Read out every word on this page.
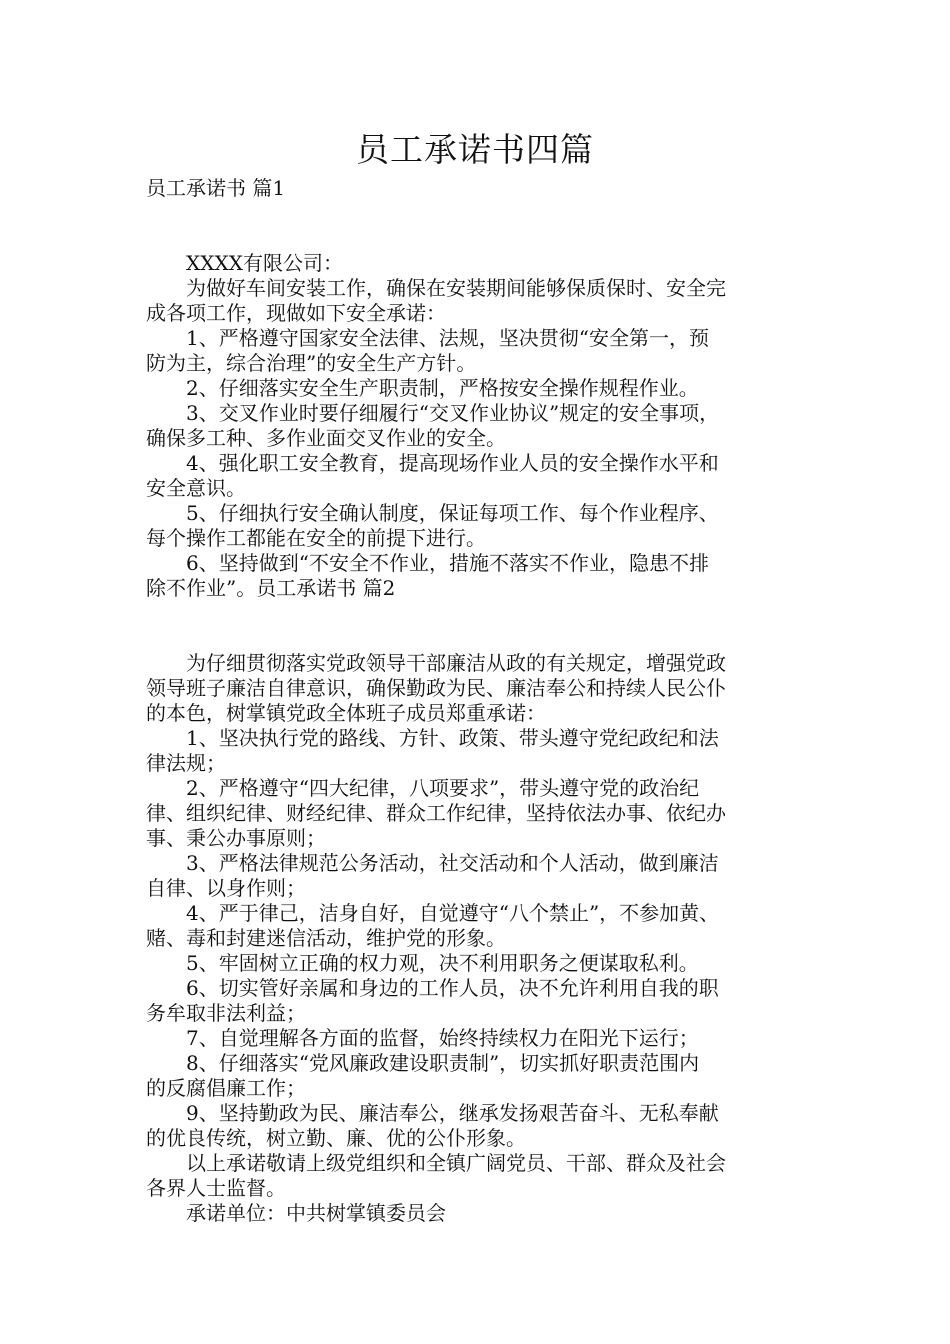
员工承诺书四篇

员工承诺书 篇1

　　XXXX有限公司：

　　为做好车间安装工作，确保在安装期间能够保质保时、安全完

成各项工作，现做如下安全承诺：

　　1、严格遵守国家安全法律、法规，坚决贯彻“安全第一，预

防为主，综合治理”的安全生产方针。

　　2、仔细落实安全生产职责制，严格按安全操作规程作业。

　　3、交叉作业时要仔细履行“交叉作业协议”规定的安全事项，

确保多工种、多作业面交叉作业的安全。

　　4、强化职工安全教育，提高现场作业人员的安全操作水平和

安全意识。

　　5、仔细执行安全确认制度，保证每项工作、每个作业程序、

每个操作工都能在安全的前提下进行。

　　6、坚持做到“不安全不作业，措施不落实不作业，隐患不排

除不作业”。员工承诺书 篇2

　　为仔细贯彻落实党政领导干部廉洁从政的有关规定，增强党政

领导班子廉洁自律意识，确保勤政为民、廉洁奉公和持续人民公仆

的本色，树掌镇党政全体班子成员郑重承诺：

　　1、坚决执行党的路线、方针、政策、带头遵守党纪政纪和法

律法规；

　　2、严格遵守“四大纪律，八项要求”，带头遵守党的政治纪

律、组织纪律、财经纪律、群众工作纪律，坚持依法办事、依纪办

事、秉公办事原则；

　　3、严格法律规范公务活动，社交活动和个人活动，做到廉洁

自律、以身作则；

　　4、严于律己，洁身自好，自觉遵守“八个禁止”，不参加黄、

赌、毒和封建迷信活动，维护党的形象。

　　5、牢固树立正确的权力观，决不利用职务之便谋取私利。

　　6、切实管好亲属和身边的工作人员，决不允许利用自我的职

务牟取非法利益；

　　7、自觉理解各方面的监督，始终持续权力在阳光下运行；

　　8、仔细落实“党风廉政建设职责制”，切实抓好职责范围内

的反腐倡廉工作；

　　9、坚持勤政为民、廉洁奉公，继承发扬艰苦奋斗、无私奉献

的优良传统，树立勤、廉、优的公仆形象。

　　以上承诺敬请上级党组织和全镇广阔党员、干部、群众及社会

各界人士监督。

　　承诺单位：中共树掌镇委员会
